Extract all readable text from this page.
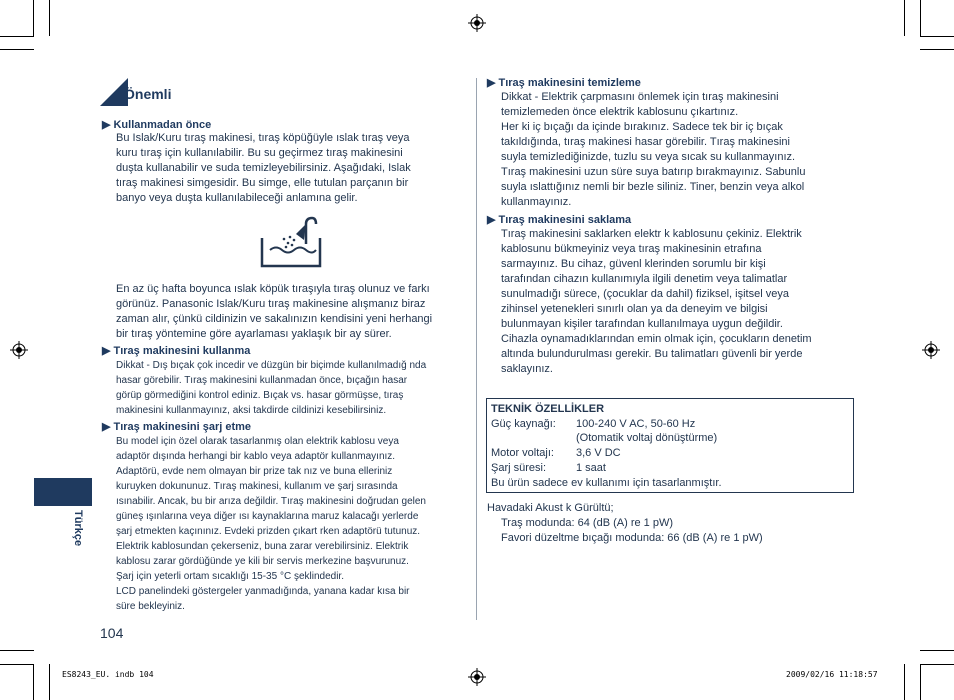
Önemli
▶ Kullanmadan önce
Bu Islak/Kuru tıraş makinesi, tıraş köpüğüyle ıslak tıraş veya
kuru tıraş için kullanılabilir. Bu su geçirmez tıraş makinesini
duşta kullanabilir ve suda temizleyebilirsiniz. Aşağıdaki, Islak
tıraş makinesi simgesidir. Bu simge, elle tutulan parçanın bir
banyo veya duşta kullanılabileceği anlamına gelir.
En az üç hafta boyunca ıslak köpük tıraşıyla tıraş olunuz ve farkı
görünüz. Panasonic Islak/Kuru tıraş makinesine alışmanız biraz
zaman alır, çünkü cildinizin ve sakalınızın kendisini yeni herhangi
bir tıraş yöntemine göre ayarlaması yaklaşık bir ay sürer.
▶ Tıraş makinesini kullanma
Dikkat - Dış bıçak çok incedir ve düzgün bir biçimde kullanılmadığ nda
hasar görebilir. Tıraş makinesini kullanmadan önce, bıçağın hasar
görüp görmediğini kontrol ediniz. Bıçak vs. hasar görmüşse, tıraş
makinesini kullanmayınız, aksi takdirde cildinizi kesebilirsiniz.
▶ Tıraş makinesini şarj etme
Bu model için özel olarak tasarlanmış olan elektrik kablosu veya
adaptör dışında herhangi bir kablo veya adaptör kullanmayınız.
Adaptörü, evde nem olmayan bir prize tak nız ve buna elleriniz
kuruyken dokununuz. Tıraş makinesi, kullanım ve şarj sırasında
ısınabilir. Ancak, bu bir arıza değildir. Tıraş makinesini doğrudan gelen
güneş ışınlarına veya diğer ısı kaynaklarına maruz kalacağı yerlerde
şarj etmekten kaçınınız. Evdeki prizden çıkart rken adaptörü tutunuz.
Elektrik kablosundan çekerseniz, buna zarar verebilirsiniz. Elektrik
kablosu zarar gördüğünde ye kili bir servis merkezine başvurunuz.
Şarj için yeterli ortam sıcaklığı 15-35 °C şeklindedir.
LCD panelindeki göstergeler yanmadığında, yanana kadar kısa bir
süre bekleyiniz.
Türkçe
104
▶ Tıraş makinesini temizleme
Dikkat - Elektrik çarpmasını önlemek için tıraş makinesini
temizlemeden önce elektrik kablosunu çıkartınız.
Her ki iç bıçağı da içinde bırakınız. Sadece tek bir iç bıçak
takıldığında, tıraş makinesi hasar görebilir. Tıraş makinesini
suyla temizlediğinizde, tuzlu su veya sıcak su kullanmayınız.
Tıraş makinesini uzun süre suya batırıp bırakmayınız. Sabunlu
suyla ıslattığınız nemli bir bezle siliniz. Tiner, benzin veya alkol
kullanmayınız.
▶ Tıraş makinesini saklama
Tıraş makinesini saklarken elektr k kablosunu çekiniz. Elektrik
kablosunu bükmeyiniz veya tıraş makinesinin etrafına
sarmayınız. Bu cihaz, güvenl klerinden sorumlu bir kişi
tarafından cihazın kullanımıyla ilgili denetim veya talimatlar
sunulmadığı sürece, (çocuklar da dahil) fiziksel, işitsel veya
zihinsel yetenekleri sınırlı olan ya da deneyim ve bilgisi
bulunmayan kişiler tarafından kullanılmaya uygun değildir.
Cihazla oynamadıklarından emin olmak için, çocukların denetim
altında bulundurulması gerekir. Bu talimatları güvenli bir yerde
saklayınız.
TEKNİK ÖZELLİKLER
Güç kaynağı: 100-240 V AC, 50-60 Hz
(Otomatik voltaj dönüştürme)
Motor voltajı: 3,6 V DC
Şarj süresi:	1 saat
Bu ürün sadece ev kullanımı için tasarlanmıştır.
Havadaki Akust k Gürültü;
Traş modunda: 64 (dB (A) re 1 pW)
Favori düzeltme bıçağı modunda: 66 (dB (A) re 1 pW)
ES8243_EU. indb 104	2009/02/16 11:18:57
